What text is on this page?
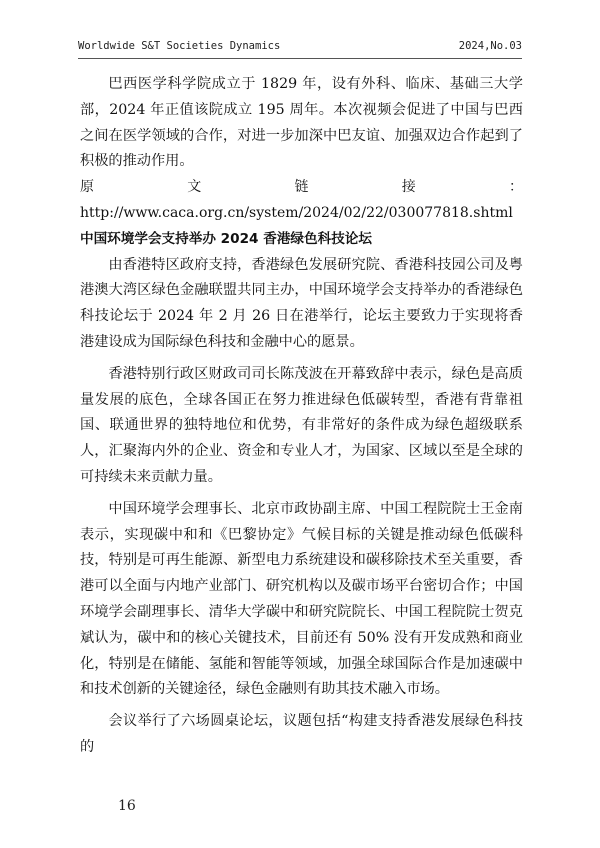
Worldwide S&T Societies Dynamics	2024,No.03

巴西医学科学院成立于 1829 年，设有外科、临床、基础三大学部，2024 年正值该院成立 195 周年。本次视频会促进了中国与巴西之间在医学领域的合作，对进一步加深中巴友谊、加强双边合作起到了积极的推动作用。

原文链接：http://www.caca.org.cn/system/2024/02/22/030077818.shtml

中国环境学会支持举办 2024 香港绿色科技论坛

由香港特区政府支持，香港绿色发展研究院、香港科技园公司及粤港澳大湾区绿色金融联盟共同主办，中国环境学会支持举办的香港绿色科技论坛于 2024 年 2 月 26 日在港举行，论坛主要致力于实现将香港建设成为国际绿色科技和金融中心的愿景。

香港特别行政区财政司司长陈茂波在开幕致辞中表示，绿色是高质量发展的底色，全球各国正在努力推进绿色低碳转型，香港有背靠祖国、联通世界的独特地位和优势，有非常好的条件成为绿色超级联系人，汇聚海内外的企业、资金和专业人才，为国家、区域以至是全球的可持续未来贡献力量。

中国环境学会理事长、北京市政协副主席、中国工程院院士王金南表示，实现碳中和和《巴黎协定》气候目标的关键是推动绿色低碳科技，特别是可再生能源、新型电力系统建设和碳移除技术至关重要，香港可以全面与内地产业部门、研究机构以及碳市场平台密切合作；中国环境学会副理事长、清华大学碳中和研究院院长、中国工程院院士贺克斌认为，碳中和的核心关键技术，目前还有 50% 没有开发成熟和商业化，特别是在储能、氢能和智能等领域，加强全球国际合作是加速碳中和技术创新的关键途径，绿色金融则有助其技术融入市场。

会议举行了六场圆桌论坛，议题包括“构建支持香港发展绿色科技的

16
